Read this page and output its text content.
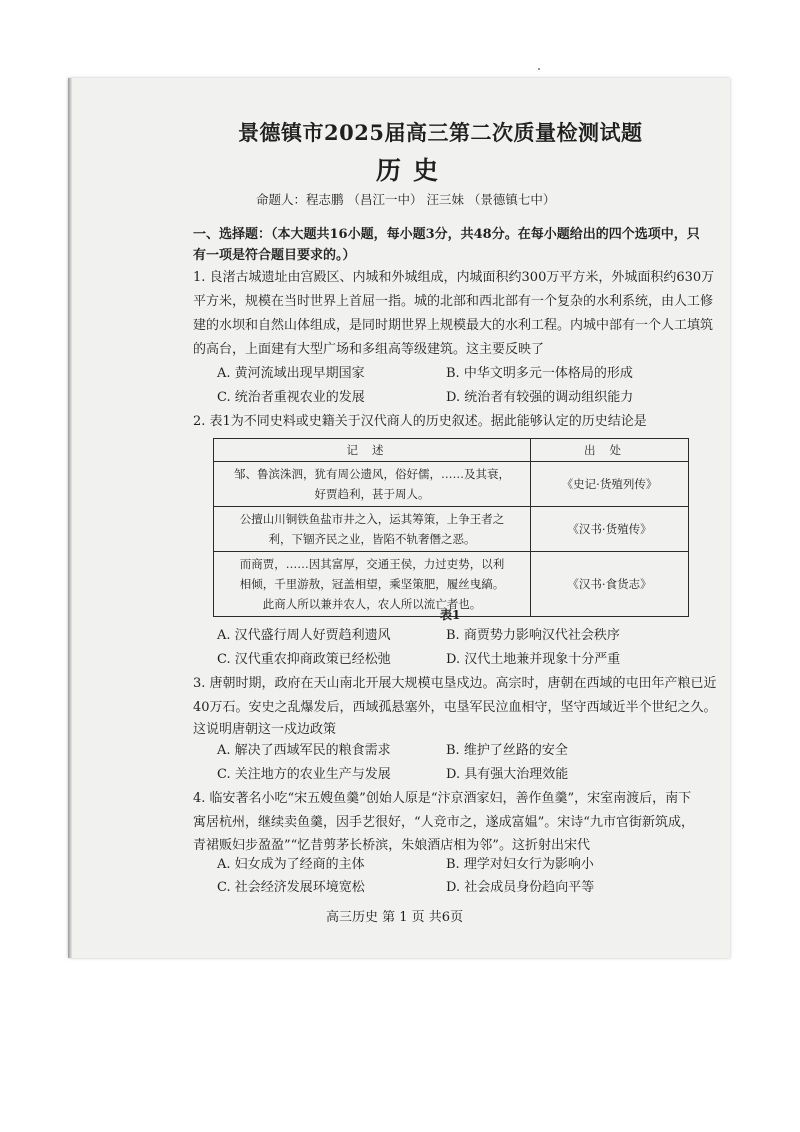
景德镇市2025届高三第二次质量检测试题
历史
命题人：程志鹏 （昌江一中） 汪三妹 （景德镇七中）
一、选择题：（本大题共16小题，每小题3分，共48分。在每小题给出的四个选项中，只
有一项是符合题目要求的。）
1. 良渚古城遗址由宫殿区、内城和外城组成，内城面积约300万平方米，外城面积约630万
平方米，规模在当时世界上首屈一指。城的北部和西北部有一个复杂的水利系统，由人工修
建的水坝和自然山体组成，是同时期世界上规模最大的水利工程。内城中部有一个人工填筑
的高台，上面建有大型广场和多组高等级建筑。这主要反映了
A. 黄河流域出现早期国家	B. 中华文明多元一体格局的形成
C. 统治者重视农业的发展	D. 统治者有较强的调动组织能力
2. 表1为不同史料或史籍关于汉代商人的历史叙述。据此能够认定的历史结论是
记述	出处

邹、鲁滨洙泗，犹有周公遗风，俗好儒，……及其衰，
好贾趋利，甚于周人。	《史记·货殖列传》

公擅山川铜铁鱼盐市井之入，运其筹策，上争王者之
利，下锢齐民之业，皆陷不轨奢僭之恶。	《汉书·货殖传》

而商贾，……因其富厚，交通王侯，力过吏势，以利
相倾，千里游敖，冠盖相望，乘坚策肥，履丝曳縞。
此商人所以兼并农人，农人所以流亡者也。	《汉书·食货志》
表1
A. 汉代盛行周人好贾趋利遗风	B. 商贾势力影响汉代社会秩序
C. 汉代重农抑商政策已经松弛	D. 汉代土地兼并现象十分严重
3. 唐朝时期，政府在天山南北开展大规模屯垦戍边。高宗时，唐朝在西域的屯田年产粮已近
40万石。安史之乱爆发后，西域孤悬塞外，屯垦军民泣血相守，坚守西域近半个世纪之久。
这说明唐朝这一戍边政策
A. 解决了西域军民的粮食需求	B. 维护了丝路的安全
C. 关注地方的农业生产与发展	D. 具有强大治理效能
4. 临安著名小吃“宋五嫂鱼羹”创始人原是“汴京酒家妇，善作鱼羹”，宋室南渡后，南下
寓居杭州，继续卖鱼羹，因手艺很好，“人竞市之，遂成富媪”。宋诗“九市官街新筑成，
青裙贩妇步盈盈”“忆昔剪茅长桥滨，朱娘酒店相为邻”。这折射出宋代
A. 妇女成为了经商的主体	B. 理学对妇女行为影响小
C. 社会经济发展环境宽松	D. 社会成员身份趋向平等
高三历史 第 1 页 共6页
